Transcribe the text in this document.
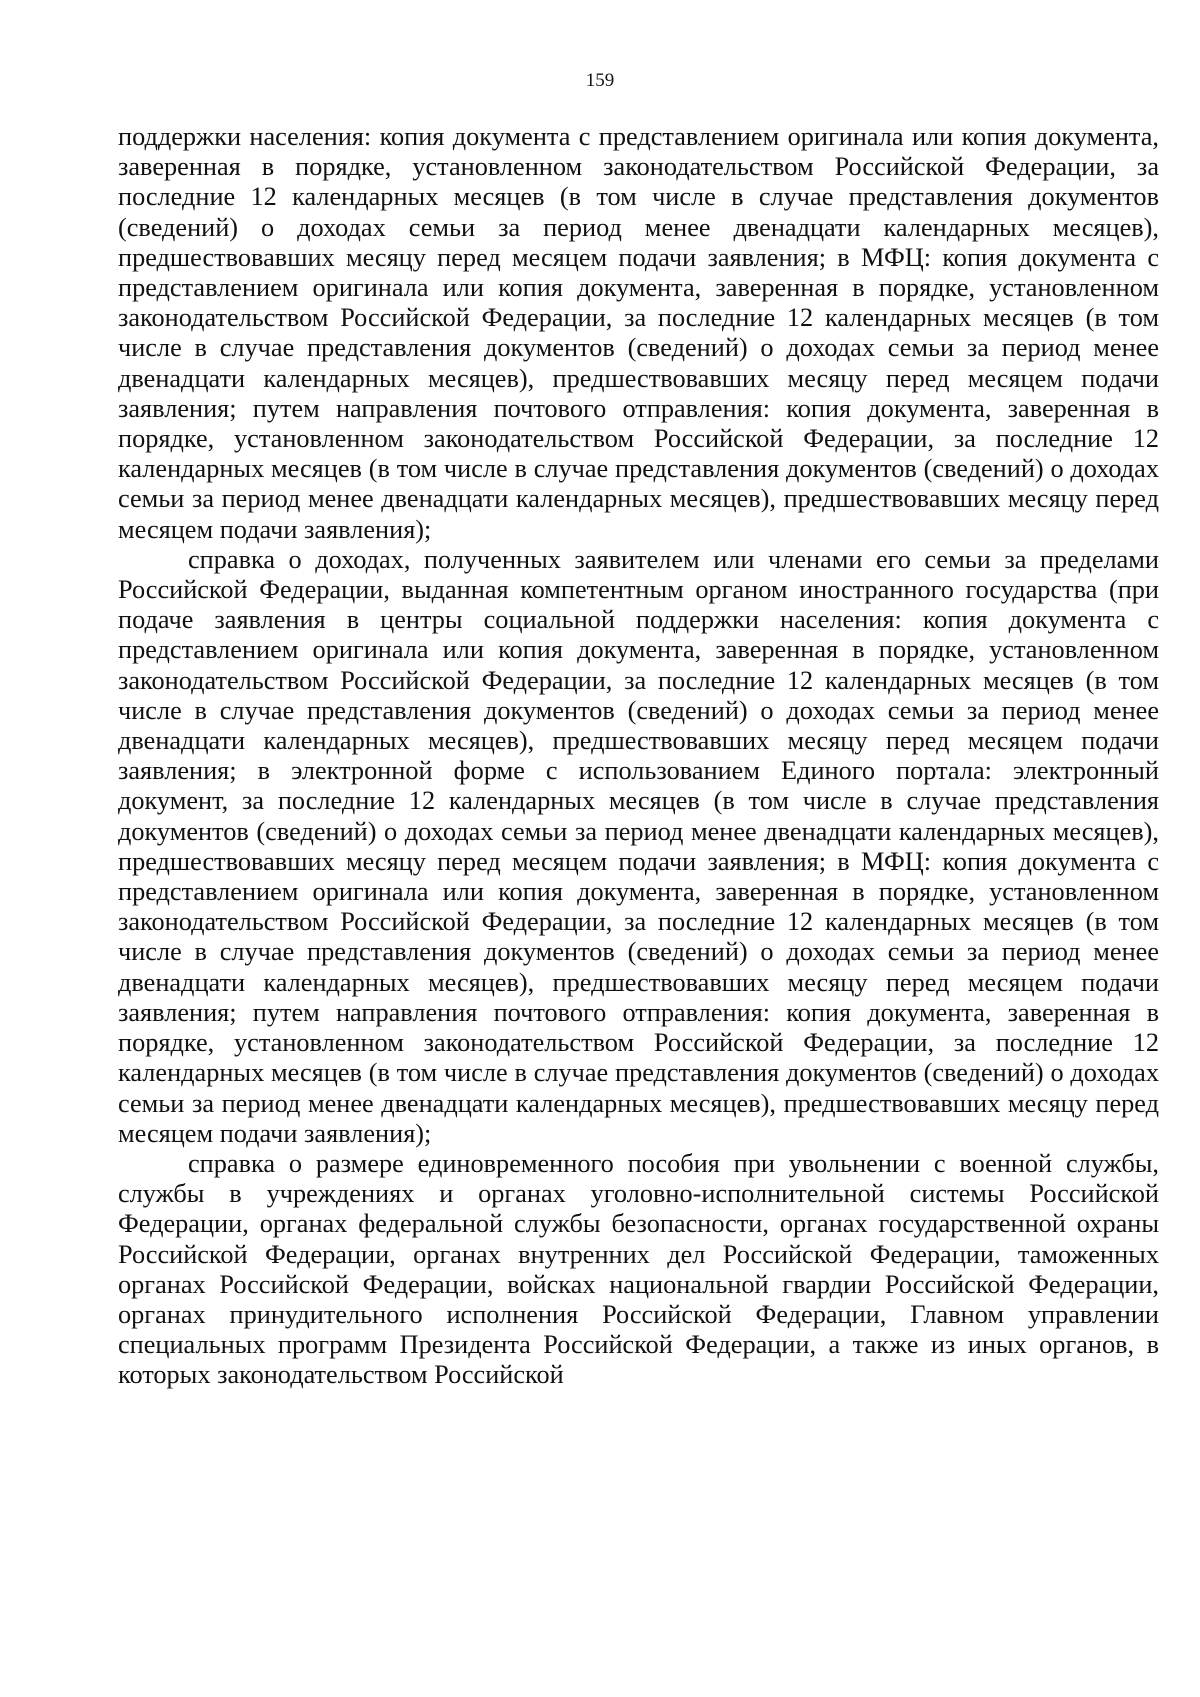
159

поддержки населения: копия документа с представлением оригинала или копия документа, заверенная в порядке, установленном законодательством Российской Федерации, за последние 12 календарных месяцев (в том числе в случае представления документов (сведений) о доходах семьи за период менее двенадцати календарных месяцев), предшествовавших месяцу перед месяцем подачи заявления; в МФЦ: копия документа с представлением оригинала или копия документа, заверенная в порядке, установленном законодательством Российской Федерации, за последние 12 календарных месяцев (в том числе в случае представления документов (сведений) о доходах семьи за период менее двенадцати календарных месяцев), предшествовавших месяцу перед месяцем подачи заявления; путем направления почтового отправления: копия документа, заверенная в порядке, установленном законодательством Российской Федерации, за последние 12 календарных месяцев (в том числе в случае представления документов (сведений) о доходах семьи за период менее двенадцати календарных месяцев), предшествовавших месяцу перед месяцем подачи заявления);

справка о доходах, полученных заявителем или членами его семьи за пределами Российской Федерации, выданная компетентным органом иностранного государства (при подаче заявления в центры социальной поддержки населения: копия документа с представлением оригинала или копия документа, заверенная в порядке, установленном законодательством Российской Федерации, за последние 12 календарных месяцев (в том числе в случае представления документов (сведений) о доходах семьи за период менее двенадцати календарных месяцев), предшествовавших месяцу перед месяцем подачи заявления; в электронной форме с использованием Единого портала: электронный документ, за последние 12 календарных месяцев (в том числе в случае представления документов (сведений) о доходах семьи за период менее двенадцати календарных месяцев), предшествовавших месяцу перед месяцем подачи заявления; в МФЦ: копия документа с представлением оригинала или копия документа, заверенная в порядке, установленном законодательством Российской Федерации, за последние 12 календарных месяцев (в том числе в случае представления документов (сведений) о доходах семьи за период менее двенадцати календарных месяцев), предшествовавших месяцу перед месяцем подачи заявления; путем направления почтового отправления: копия документа, заверенная в порядке, установленном законодательством Российской Федерации, за последние 12 календарных месяцев (в том числе в случае представления документов (сведений) о доходах семьи за период менее двенадцати календарных месяцев), предшествовавших месяцу перед месяцем подачи заявления);

справка о размере единовременного пособия при увольнении с военной службы, службы в учреждениях и органах уголовно-исполнительной системы Российской Федерации, органах федеральной службы безопасности, органах государственной охраны Российской Федерации, органах внутренних дел Российской Федерации, таможенных органах Российской Федерации, войсках национальной гвардии Российской Федерации, органах принудительного исполнения Российской Федерации, Главном управлении специальных программ Президента Российской Федерации, а также из иных органов, в которых законодательством Российской
